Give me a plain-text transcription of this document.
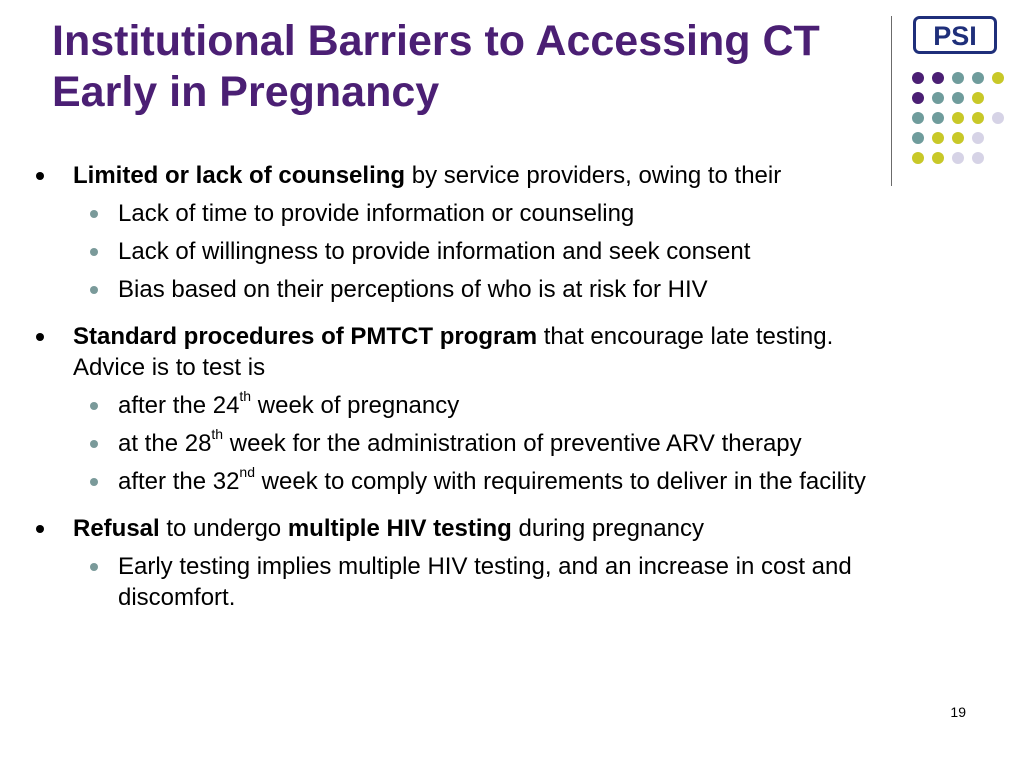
Institutional Barriers to Accessing CT Early in Pregnancy
PSI
Limited or lack of counseling by service providers, owing to their
Lack of time to provide information or counseling
Lack of willingness to provide information and seek consent
Bias based on their perceptions of who is at risk for HIV
Standard procedures of PMTCT program that encourage late testing. Advice is to test is
after the 24th week of pregnancy
at the 28th week for the administration of preventive ARV therapy
after the 32nd week to comply with requirements to deliver in the facility
Refusal to undergo multiple HIV testing during pregnancy
Early testing implies multiple HIV testing, and an increase in cost and discomfort.
19
